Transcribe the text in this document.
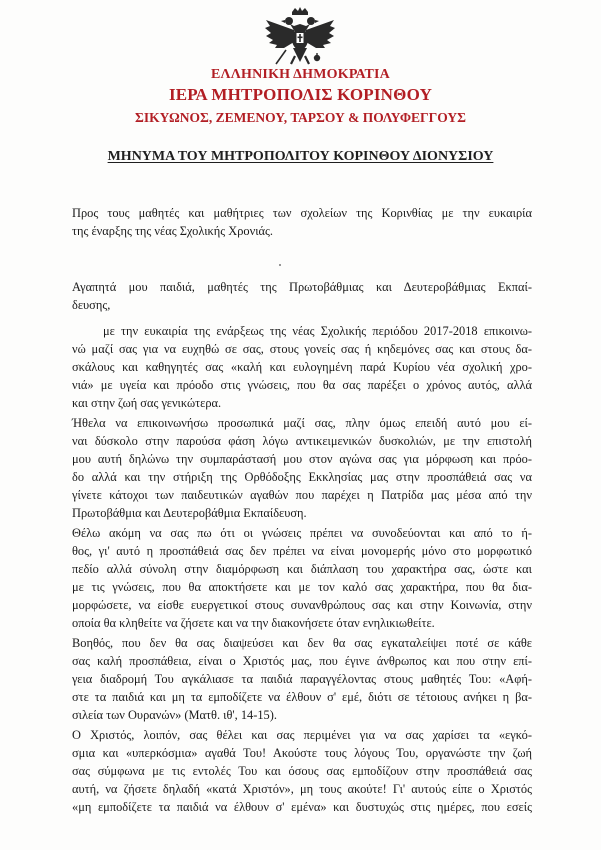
ΕΛΛΗΝΙΚΗ ΔΗΜΟΚΡΑΤΙΑ
ΙΕΡΑ ΜΗΤΡΟΠΟΛΙΣ ΚΟΡΙΝΘΟΥ
ΣΙΚΥΩΝΟΣ, ΖΕΜΕΝΟΥ, ΤΑΡΣΟΥ & ΠΟΛΥΦΕΓΓΟΥΣ
ΜΗΝΥΜΑ ΤΟΥ ΜΗΤΡΟΠΟΛΙΤΟΥ ΚΟΡΙΝΘΟΥ ΔΙΟΝΥΣΙΟΥ
Προς τους μαθητές και μαθήτριες των σχολείων της Κορινθίας με την ευκαιρία
της έναρξης της νέας Σχολικής Χρονιάς.
Αγαπητά μου παιδιά, μαθητές της Πρωτοβάθμιας και Δευτεροβάθμιας Εκπαί-
δευσης,
με την ευκαιρία της ενάρξεως της νέας Σχολικής περιόδου 2017-2018 επικοινω-
νώ μαζί σας για να ευχηθώ σε σας, στους γονείς σας ή κηδεμόνες σας και στους δα-
σκάλους και καθηγητές σας «καλή και ευλογημένη παρά Κυρίου νέα σχολική χρο-
νιά» με υγεία και πρόοδο στις γνώσεις, που θα σας παρέξει ο χρόνος αυτός, αλλά
και στην ζωή σας γενικώτερα.
Ήθελα να επικοινωνήσω προσωπικά μαζί σας, πλην όμως επειδή αυτό μου εί-
ναι δύσκολο στην παρούσα φάση λόγω αντικειμενικών δυσκολιών, με την επιστολή
μου αυτή δηλώνω την συμπαράστασή μου στον αγώνα σας για μόρφωση και πρόο-
δο αλλά και την στήριξη της Ορθόδοξης Εκκλησίας μας στην προσπάθειά σας να
γίνετε κάτοχοι των παιδευτικών αγαθών που παρέχει η Πατρίδα μας μέσα από την
Πρωτοβάθμια και Δευτεροβάθμια Εκπαίδευση.
Θέλω ακόμη να σας πω ότι οι γνώσεις πρέπει να συνοδεύονται και από το ή-
θος, γι' αυτό η προσπάθειά σας δεν πρέπει να είναι μονομερής μόνο στο μορφωτικό
πεδίο αλλά σύνολη στην διαμόρφωση και διάπλαση του χαρακτήρα σας, ώστε και
με τις γνώσεις, που θα αποκτήσετε και με τον καλό σας χαρακτήρα, που θα δια-
μορφώσετε, να είσθε ευεργετικοί στους συνανθρώπους σας και στην Κοινωνία, στην
οποία θα κληθείτε να ζήσετε και να την διακονήσετε όταν ενηλικιωθείτε.
Βοηθός, που δεν θα σας διαψεύσει και δεν θα σας εγκαταλείψει ποτέ σε κάθε
σας καλή προσπάθεια, είναι ο Χριστός μας, που έγινε άνθρωπος και που στην επί-
γεια διαδρομή Του αγκάλιασε τα παιδιά παραγγέλοντας στους μαθητές Του: «Αφή-
στε τα παιδιά και μη τα εμποδίζετε να έλθουν σ' εμέ, διότι σε τέτοιους ανήκει η βα-
σιλεία των Ουρανών» (Ματθ. ιθ', 14-15).
Ο Χριστός, λοιπόν, σας θέλει και σας περιμένει για να σας χαρίσει τα «εγκό-
σμια και «υπερκόσμια» αγαθά Του! Ακούστε τους λόγους Του, οργανώστε την ζωή
σας σύμφωνα με τις εντολές Του και όσους σας εμποδίζουν στην προσπάθειά σας
αυτή, να ζήσετε δηλαδή «κατά Χριστόν», μη τους ακούτε! Γι' αυτούς είπε ο Χριστός
«μη εμποδίζετε τα παιδιά να έλθουν σ' εμένα» και δυστυχώς στις ημέρες, που εσείς
